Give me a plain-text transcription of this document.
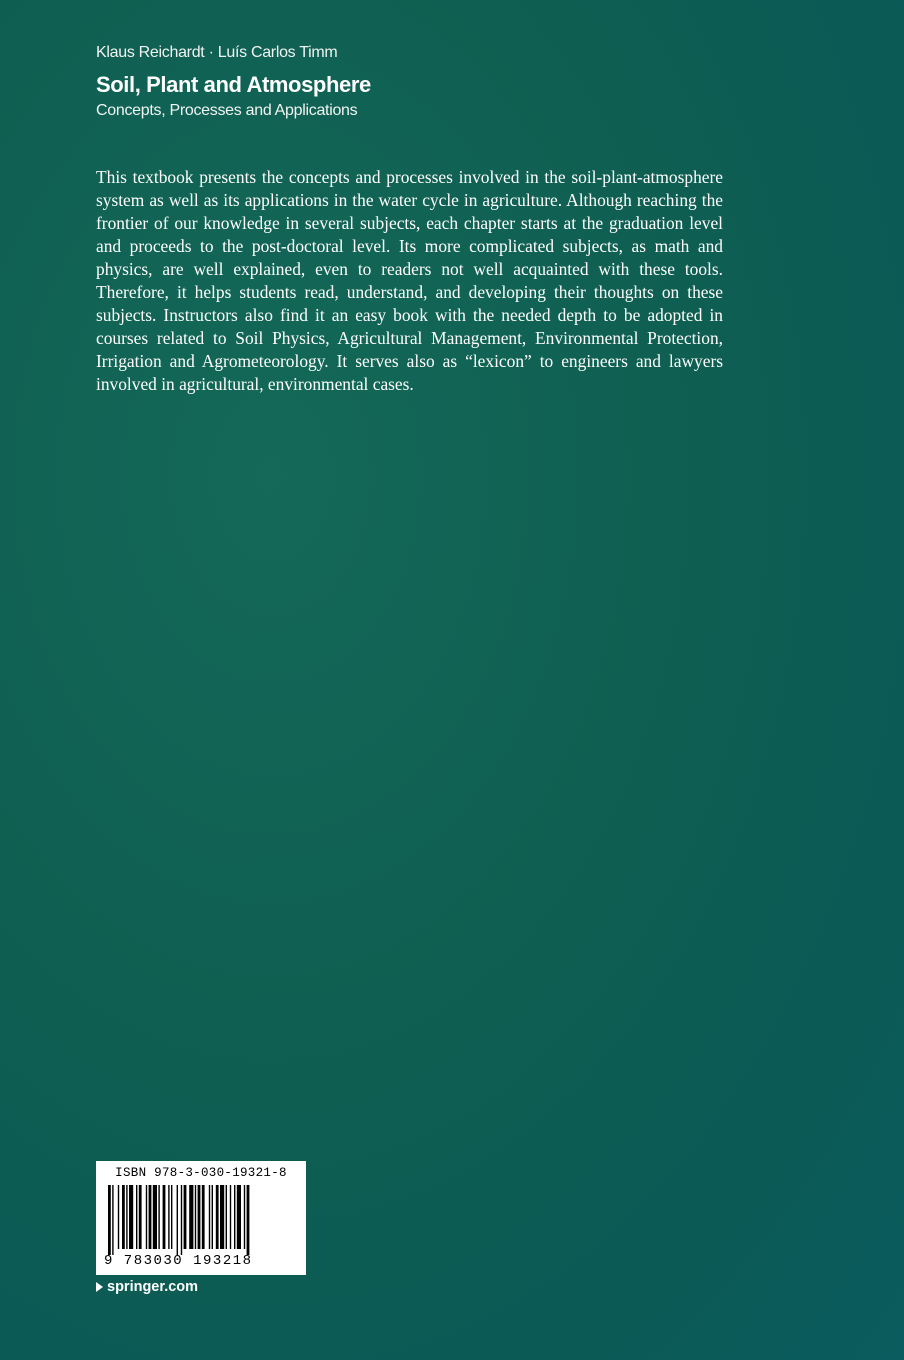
Klaus Reichardt · Luís Carlos Timm
Soil, Plant and Atmosphere
Concepts, Processes and Applications

This textbook presents the concepts and processes involved in the soil-plant-atmosphere system as well as its applications in the water cycle in agriculture. Although reaching the frontier of our knowledge in several subjects, each chapter starts at the graduation level and proceeds to the post-doctoral level. Its more complicated subjects, as math and physics, are well explained, even to readers not well acquainted with these tools. Therefore, it helps students read, understand, and developing their thoughts on these subjects. Instructors also find it an easy book with the needed depth to be adopted in courses related to Soil Physics, Agricultural Management, Environmental Protection, Irrigation and Agrometeorology. It serves also as “lexicon” to engineers and lawyers involved in agricultural, environmental cases.

ISBN 978-3-030-19321-8
9 783030 193218
springer.com
